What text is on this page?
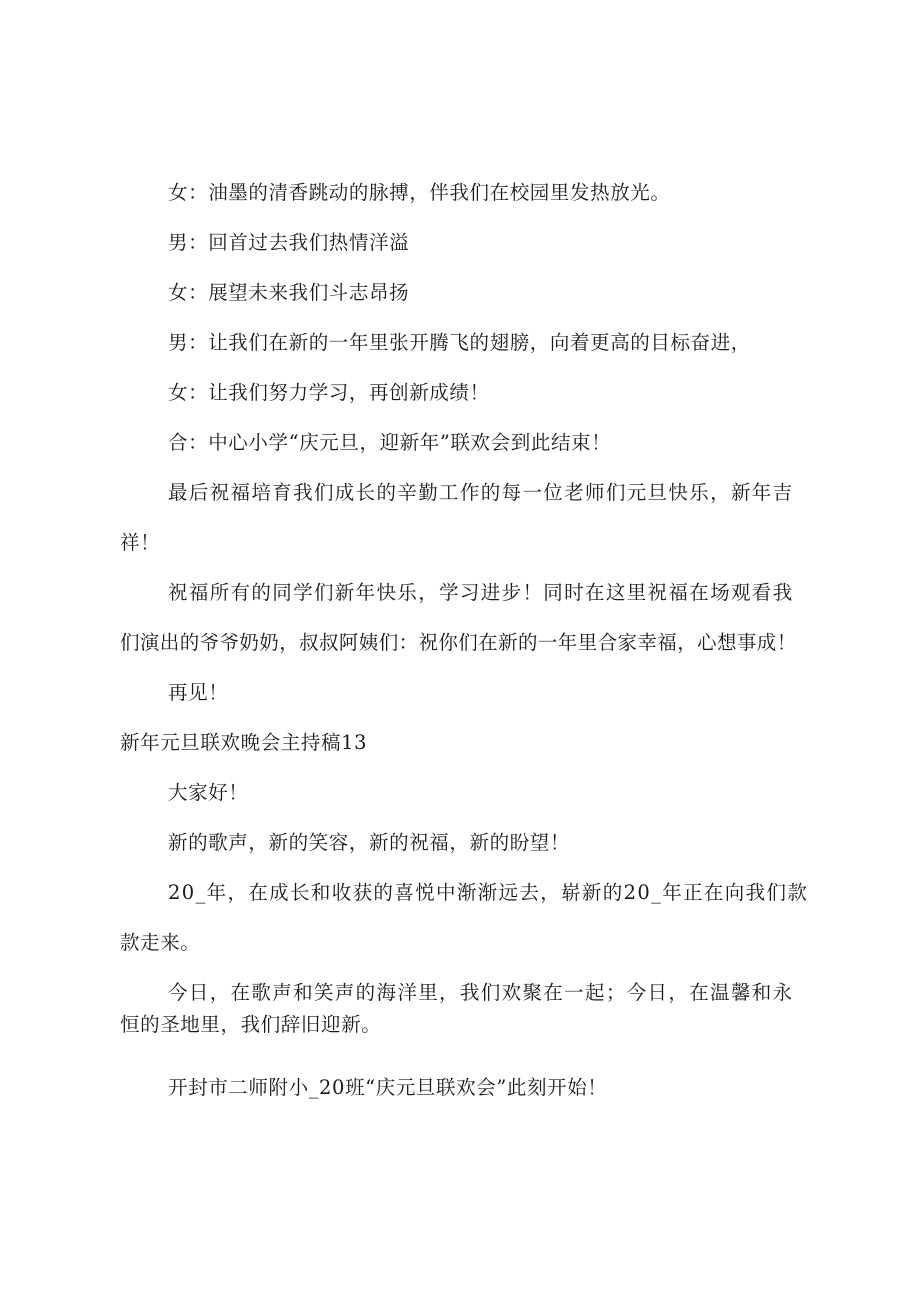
女：油墨的清香跳动的脉搏，伴我们在校园里发热放光。
男：回首过去我们热情洋溢
女：展望未来我们斗志昂扬
男：让我们在新的一年里张开腾飞的翅膀，向着更高的目标奋进，
女：让我们努力学习，再创新成绩！
合：中心小学“庆元旦，迎新年”联欢会到此结束！
最后祝福培育我们成长的辛勤工作的每一位老师们元旦快乐，新年吉
祥！
祝福所有的同学们新年快乐，学习进步！同时在这里祝福在场观看我
们演出的爷爷奶奶，叔叔阿姨们：祝你们在新的一年里合家幸福，心想事成！
再见！
新年元旦联欢晚会主持稿13
大家好！
新的歌声，新的笑容，新的祝福，新的盼望！
20_年，在成长和收获的喜悦中渐渐远去，崭新的20_年正在向我们款
款走来。
今日，在歌声和笑声的海洋里，我们欢聚在一起；今日，在温馨和永
恒的圣地里，我们辞旧迎新。
开封市二师附小_20班“庆元旦联欢会”此刻开始！
